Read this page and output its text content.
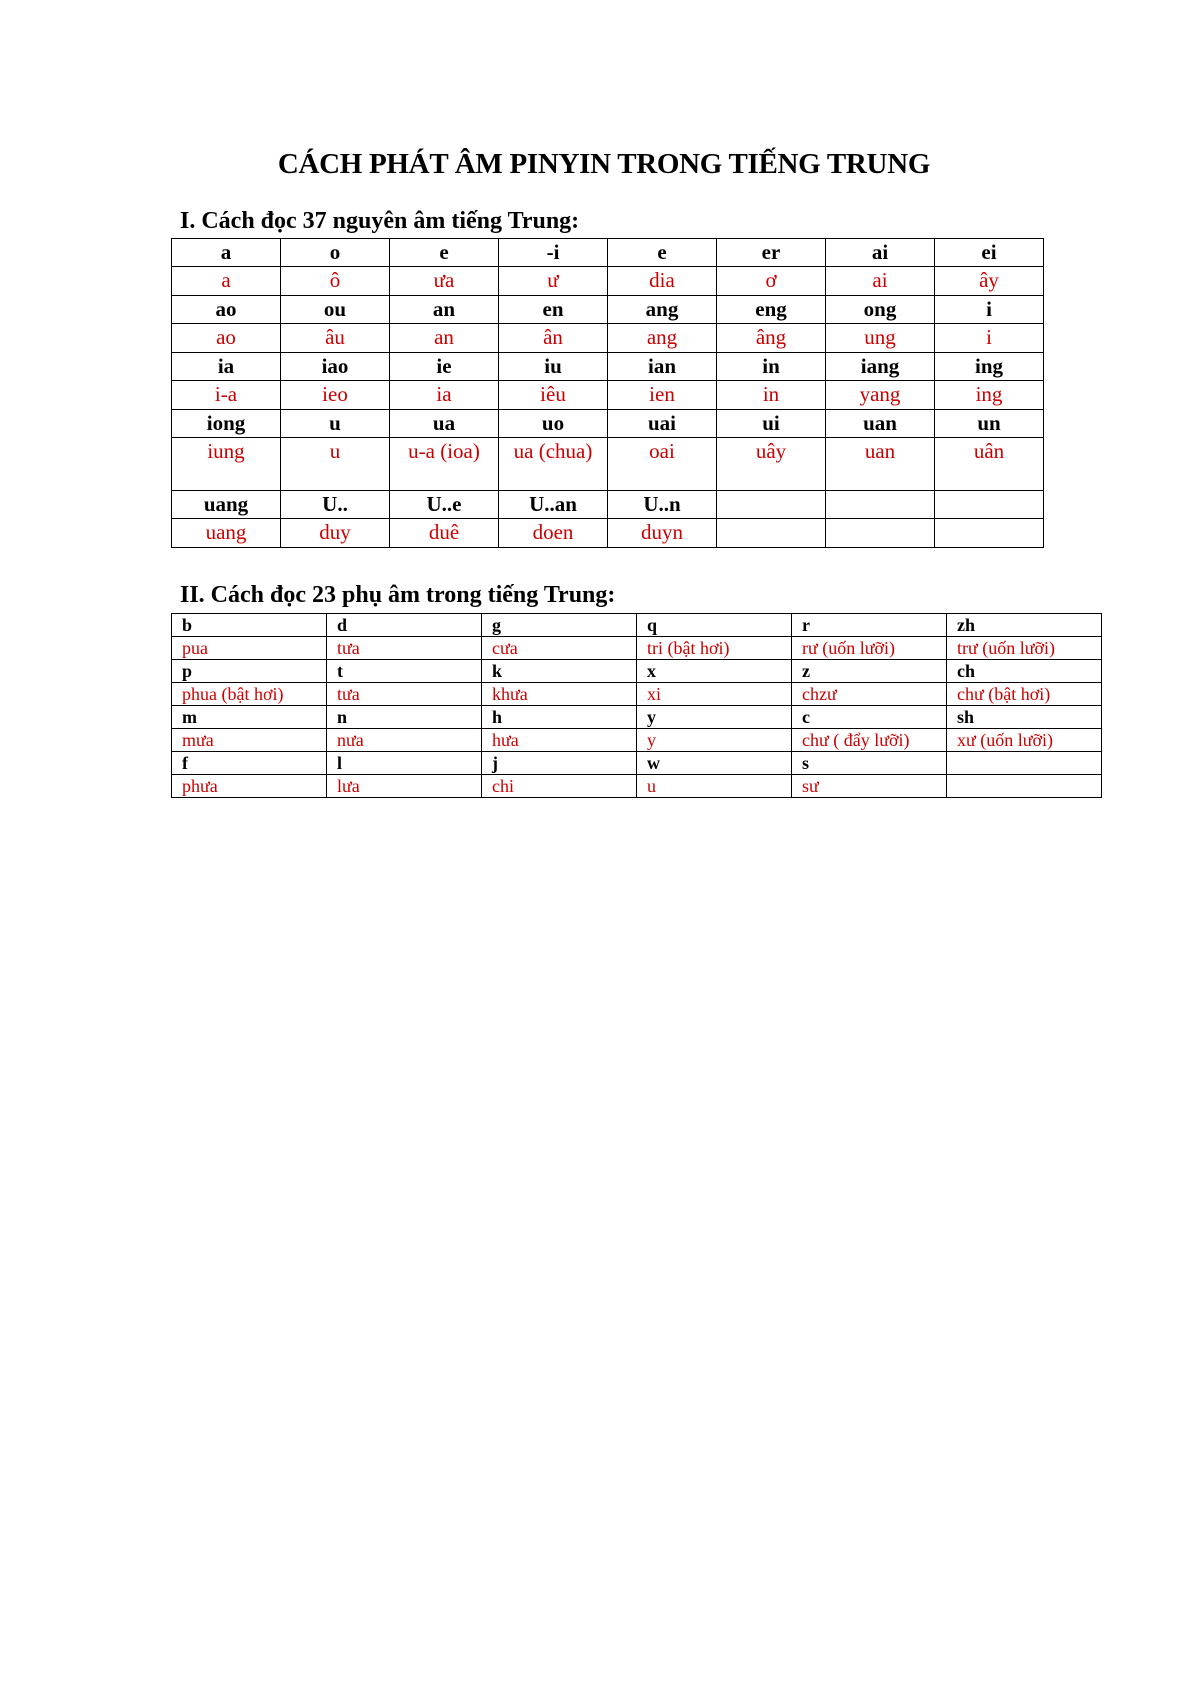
CÁCH PHÁT ÂM PINYIN TRONG TIẾNG TRUNG
I. Cách đọc 37 nguyên âm tiếng Trung:
a	o	e	-i	e	er	ai	ei
a	ô	ưa	ư	dia	ơ	ai	ây
ao	ou	an	en	ang	eng	ong	i
ao	âu	an	ân	ang	âng	ung	i
ia	iao	ie	iu	ian	in	iang	ing
i-a	ieo	ia	iêu	ien	in	yang	ing
iong	u	ua	uo	uai	ui	uan	un
iung	u	u-a (ioa)	ua (chua)	oai	uây	uan	uân
uang	U..	U..e	U..an	U..n			
uang	duy	duê	doen	duyn			
II. Cách đọc 23 phụ âm trong tiếng Trung:
b	d	g	q	r	zh
pua	tưa	cưa	tri (bật hơi)	rư (uốn lưỡi)	trư (uốn lưỡi)
p	t	k	x	z	ch
phua (bật hơi)	tưa	khưa	xi	chzư	chư (bật hơi)
m	n	h	y	c	sh
mưa	nưa	hưa	y	chư ( đẩy lưỡi)	xư (uốn lưỡi)
f	l	j	w	s	
phưa	lưa	chi	u	sư	
